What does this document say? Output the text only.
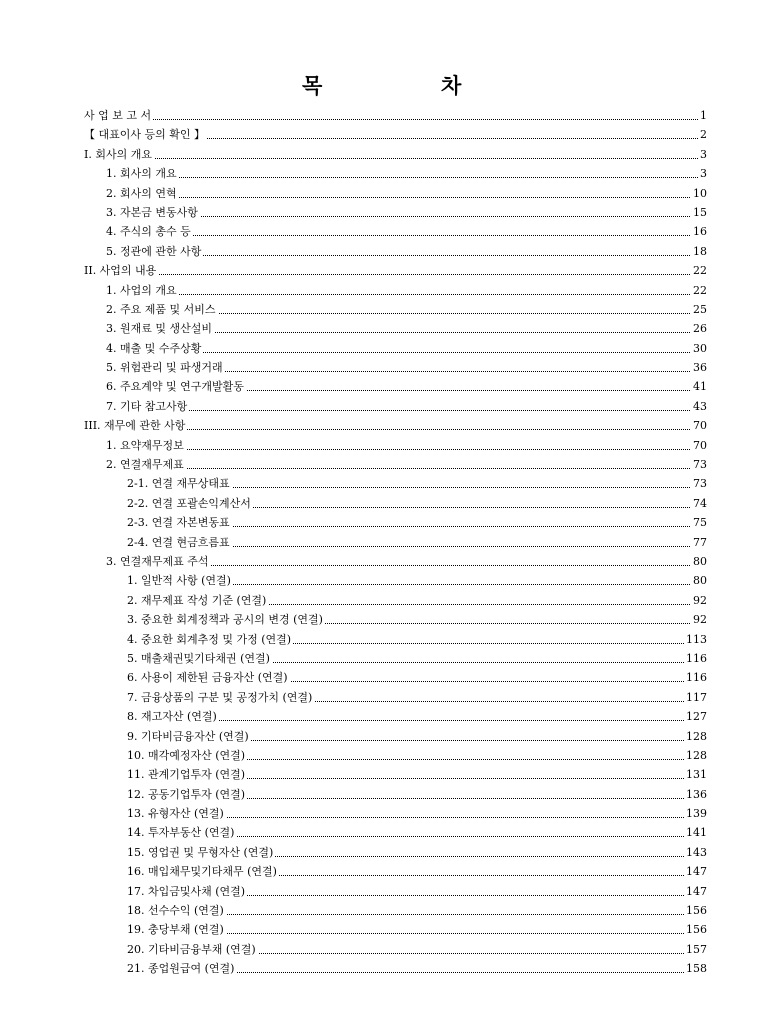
목	차
사 업 보 고 서	1
【 대표이사 등의 확인 】	2
I. 회사의 개요	3
1. 회사의 개요	3
2. 회사의 연혁	10
3. 자본금 변동사항	15
4. 주식의 총수 등	16
5. 정관에 관한 사항	18
II. 사업의 내용	22
1. 사업의 개요	22
2. 주요 제품 및 서비스	25
3. 원재료 및 생산설비	26
4. 매출 및 수주상황	30
5. 위험관리 및 파생거래	36
6. 주요계약 및 연구개발활동	41
7. 기타 참고사항	43
III. 재무에 관한 사항	70
1. 요약재무정보	70
2. 연결재무제표	73
2-1. 연결 재무상태표	73
2-2. 연결 포괄손익계산서	74
2-3. 연결 자본변동표	75
2-4. 연결 현금흐름표	77
3. 연결재무제표 주석	80
1. 일반적 사항 (연결)	80
2. 재무제표 작성 기준 (연결)	92
3. 중요한 회계정책과 공시의 변경 (연결)	92
4. 중요한 회계추정 및 가정 (연결)	113
5. 매출채권및기타채권 (연결)	116
6. 사용이 제한된 금융자산 (연결)	116
7. 금융상품의 구분 및 공정가치 (연결)	117
8. 재고자산 (연결)	127
9. 기타비금융자산 (연결)	128
10. 매각예정자산 (연결)	128
11. 관계기업투자 (연결)	131
12. 공동기업투자 (연결)	136
13. 유형자산 (연결)	139
14. 투자부동산 (연결)	141
15. 영업권 및 무형자산 (연결)	143
16. 매입채무및기타채무 (연결)	147
17. 차입금및사채 (연결)	147
18. 선수수익 (연결)	156
19. 충당부채 (연결)	156
20. 기타비금융부채 (연결)	157
21. 종업원급여 (연결)	158
